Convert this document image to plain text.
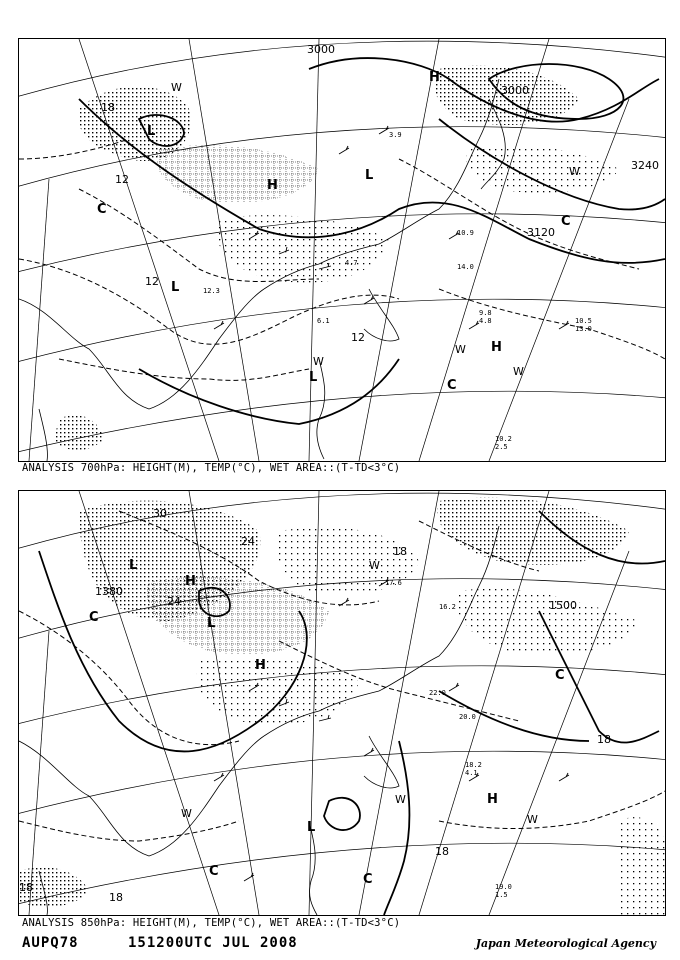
3000
3000
3120
3240
18
12
12
12
H
H
L
L
L
L
H
C
C
C
W
W
W
W
W
10.9
14.0
9.8
4.8	10.5
13.0
10.2
2.5
12.3
6.1
4.7
3.9
ANALYSIS 700hPa: HEIGHT(M), TEMP(°C), WET AREA::(T-TD<3°C)
1380
1500
30
24
24
18
18
18
18
18
H
H
H
L
L
L
C
C
C
C
W	W
W
W
18.2
4.1
20.0
19.0
1.5
17.6
16.2
22.0
ANALYSIS 850hPa: HEIGHT(M), TEMP(°C), WET AREA::(T-TD<3°C)
AUPQ78	151200UTC JUL 2008	Japan Meteorological Agency
